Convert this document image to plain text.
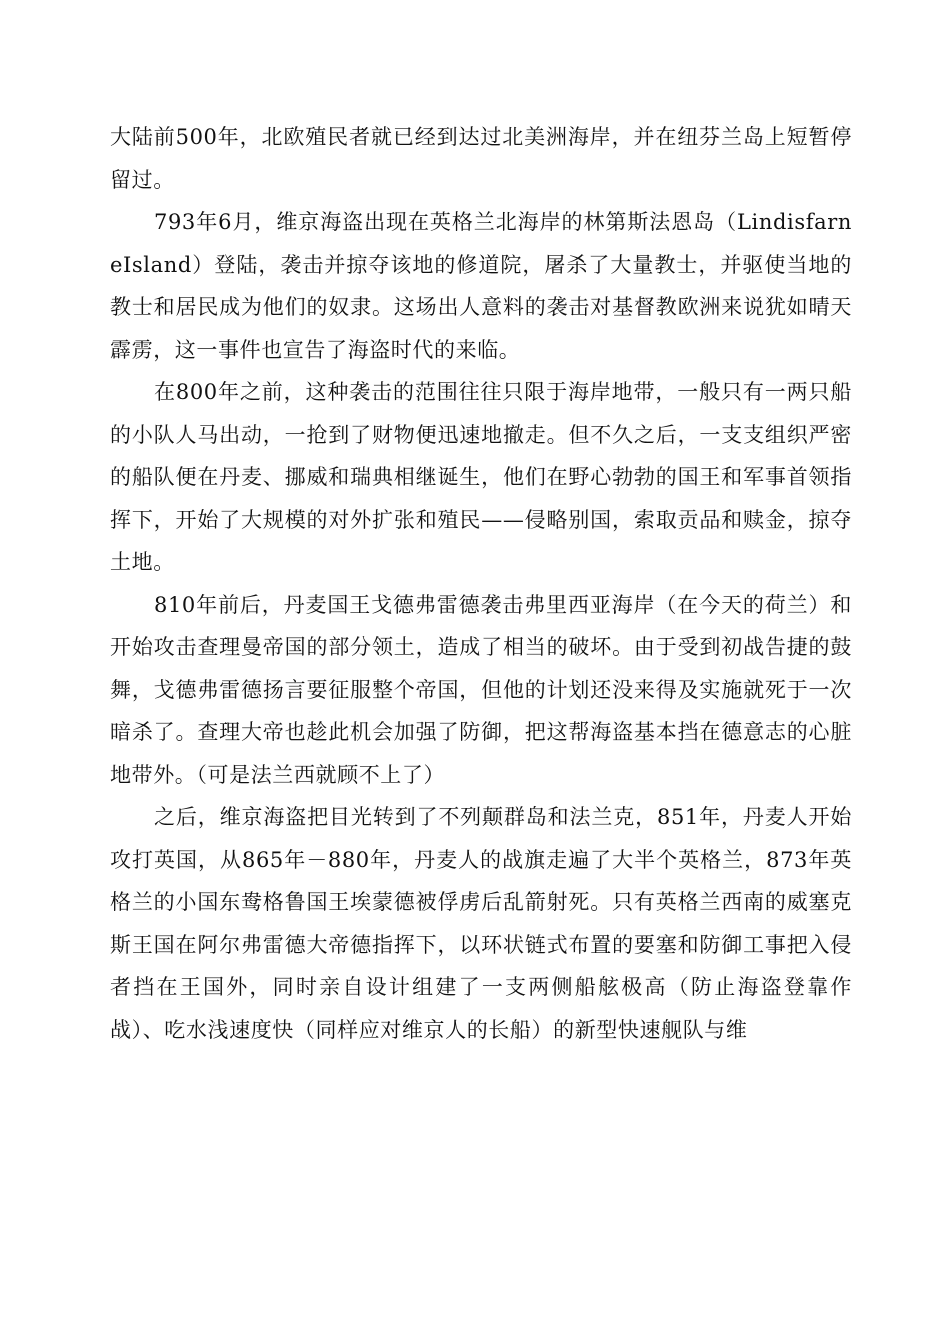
大陆前500年，北欧殖民者就已经到达过北美洲海岸，并在纽芬兰岛上短暂停留过。

793年6月，维京海盗出现在英格兰北海岸的林第斯法恩岛（LindisfarneIsland）登陆，袭击并掠夺该地的修道院，屠杀了大量教士，并驱使当地的教士和居民成为他们的奴隶。这场出人意料的袭击对基督教欧洲来说犹如晴天霹雳，这一事件也宣告了海盗时代的来临。

在800年之前，这种袭击的范围往往只限于海岸地带，一般只有一两只船的小队人马出动，一抢到了财物便迅速地撤走。但不久之后，一支支组织严密的船队便在丹麦、挪威和瑞典相继诞生，他们在野心勃勃的国王和军事首领指挥下，开始了大规模的对外扩张和殖民——侵略别国，索取贡品和赎金，掠夺土地。

810年前后，丹麦国王戈德弗雷德袭击弗里西亚海岸（在今天的荷兰）和开始攻击查理曼帝国的部分领土，造成了相当的破坏。由于受到初战告捷的鼓舞，戈德弗雷德扬言要征服整个帝国，但他的计划还没来得及实施就死于一次暗杀了。查理大帝也趁此机会加强了防御，把这帮海盗基本挡在德意志的心脏地带外。（可是法兰西就顾不上了）

之后，维京海盗把目光转到了不列颠群岛和法兰克，851年，丹麦人开始攻打英国，从865年－880年，丹麦人的战旗走遍了大半个英格兰，873年英格兰的小国东鸯格鲁国王埃蒙德被俘虏后乱箭射死。只有英格兰西南的威塞克斯王国在阿尔弗雷德大帝德指挥下，以环状链式布置的要塞和防御工事把入侵者挡在王国外，同时亲自设计组建了一支两侧船舷极高（防止海盗登靠作战）、吃水浅速度快（同样应对维京人的长船）的新型快速舰队与维
